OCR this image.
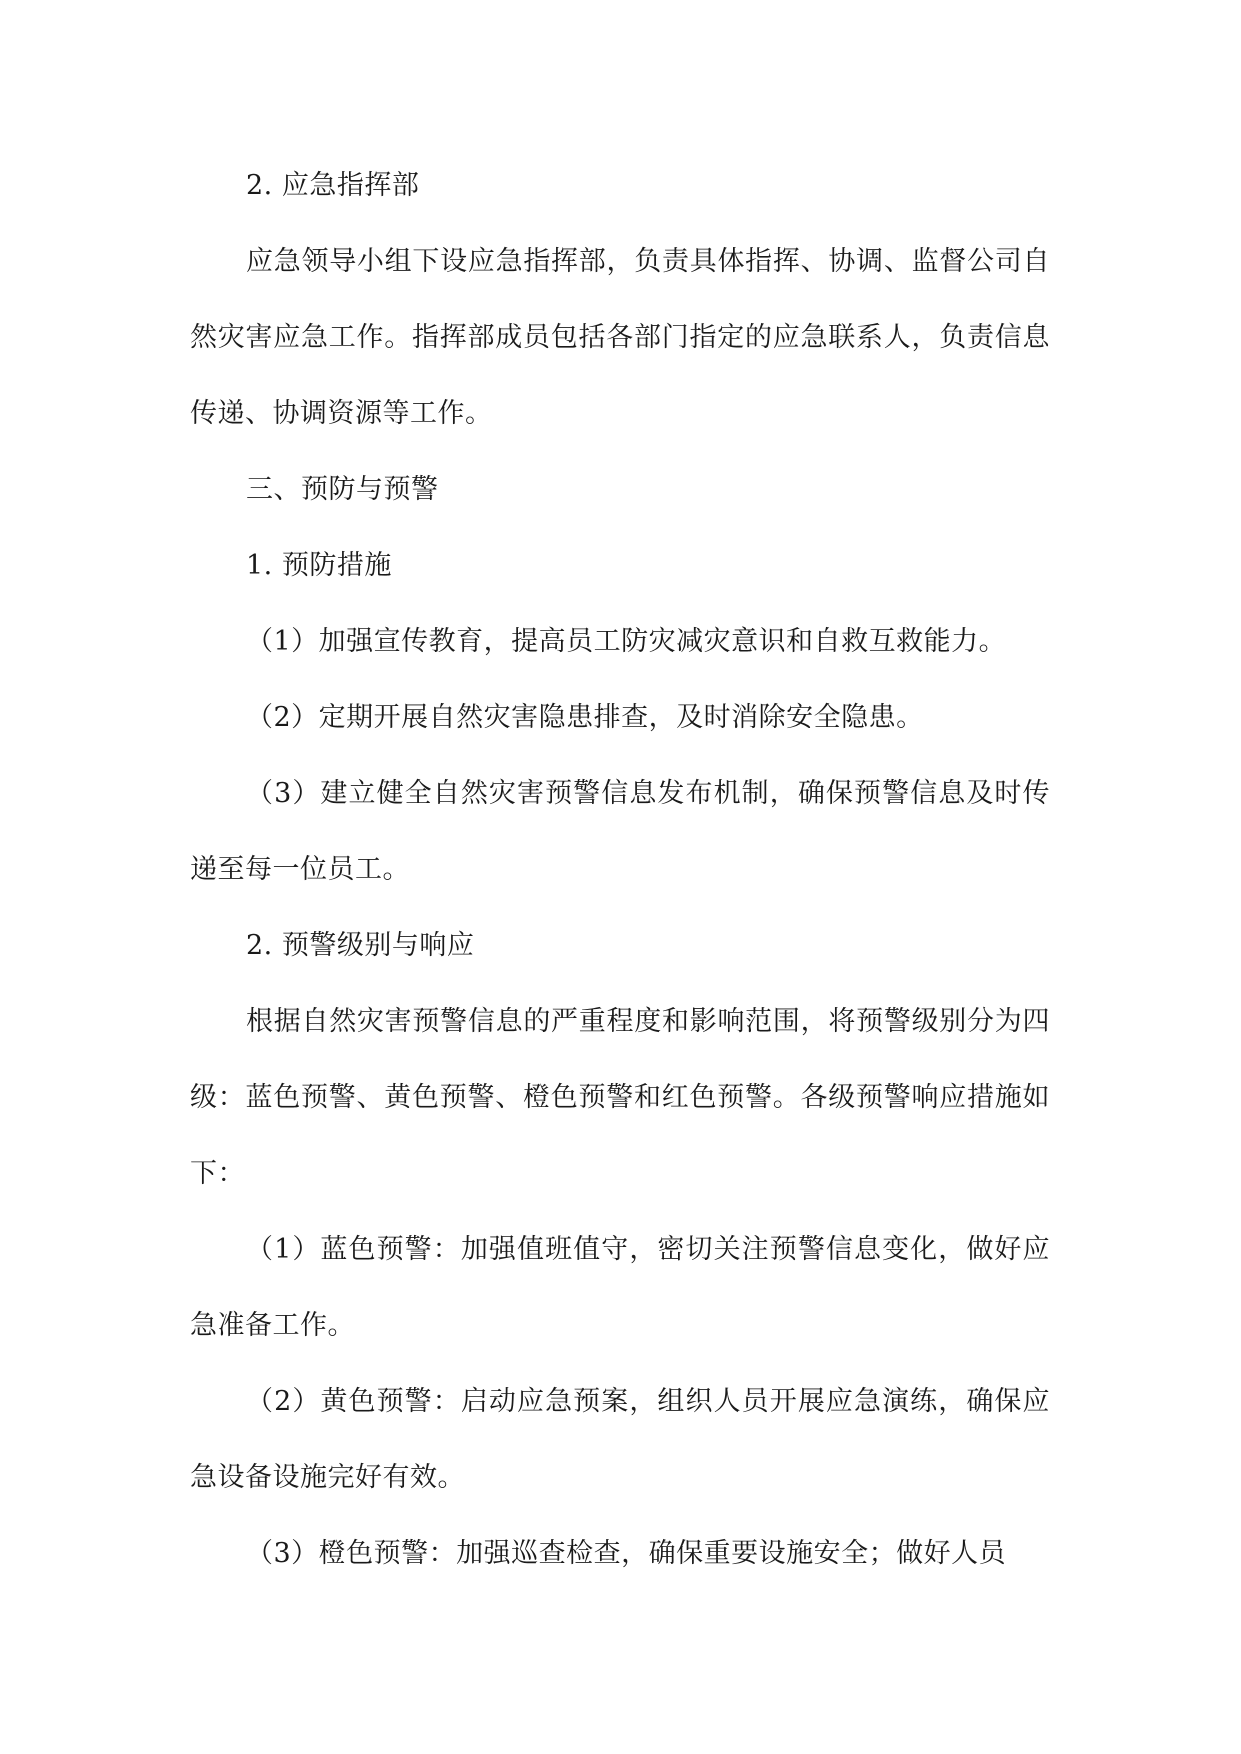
2. 应急指挥部

应急领导小组下设应急指挥部，负责具体指挥、协调、监督公司自然灾害应急工作。指挥部成员包括各部门指定的应急联系人，负责信息传递、协调资源等工作。

三、预防与预警

1. 预防措施

（1）加强宣传教育，提高员工防灾减灾意识和自救互救能力。

（2）定期开展自然灾害隐患排查，及时消除安全隐患。

（3）建立健全自然灾害预警信息发布机制，确保预警信息及时传递至每一位员工。

2. 预警级别与响应

根据自然灾害预警信息的严重程度和影响范围，将预警级别分为四级：蓝色预警、黄色预警、橙色预警和红色预警。各级预警响应措施如下：

（1）蓝色预警：加强值班值守，密切关注预警信息变化，做好应急准备工作。

（2）黄色预警：启动应急预案，组织人员开展应急演练，确保应急设备设施完好有效。

（3）橙色预警：加强巡查检查，确保重要设施安全；做好人员
